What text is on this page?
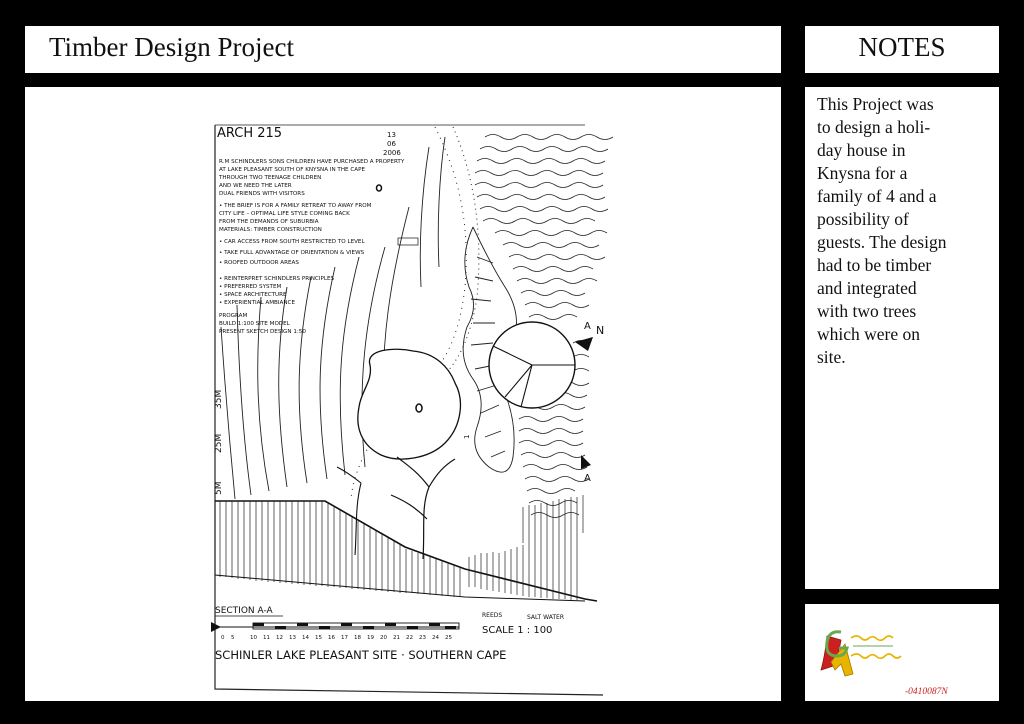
Timber Design Project	NOTES
This Project was
to design a holi-
day house in
Knysna for a
family of 4 and a
possibility of
guests. The design
had to be timber
and integrated
with two trees
which were on
site.
N
1
35M
25M
5M
A
A
ARCH 215	13
06
2006
R.M SCHINDLERS SONS CHILDREN HAVE PURCHASED A PROPERTY
AT LAKE PLEASANT SOUTH OF KNYSNA IN THE CAPE
THROUGH TWO TEENAGE CHILDREN
AND WE NEED THE LATER
DUAL FRIENDS WITH VISITORS
• THE BRIEF IS FOR A FAMILY RETREAT TO AWAY FROM
CITY LIFE – OPTIMAL LIFE STYLE COMING BACK
FROM THE DEMANDS OF SUBURBIA
MATERIALS: TIMBER CONSTRUCTION
• CAR ACCESS FROM SOUTH RESTRICTED TO LEVEL
• TAKE FULL ADVANTAGE OF ORIENTATION & VIEWS
• ROOFED OUTDOOR AREAS
• REINTERPRET SCHINDLERS PRINCIPLES
• PREFERRED SYSTEM
• SPACE ARCHITECTURE
• EXPERIENTIAL AMBIANCE
PROGRAM
BUILD 1:100 SITE MODEL
PRESENT SKETCH DESIGN 1:50
SECTION A-A
0 5	10 11 12 13 14 15 16 17 18 19 20 21 22 23 24 25
REEDS	SALT WATER
SCALE 1 : 100
SCHINLER LAKE PLEASANT SITE · SOUTHERN CAPE
-0410087N
